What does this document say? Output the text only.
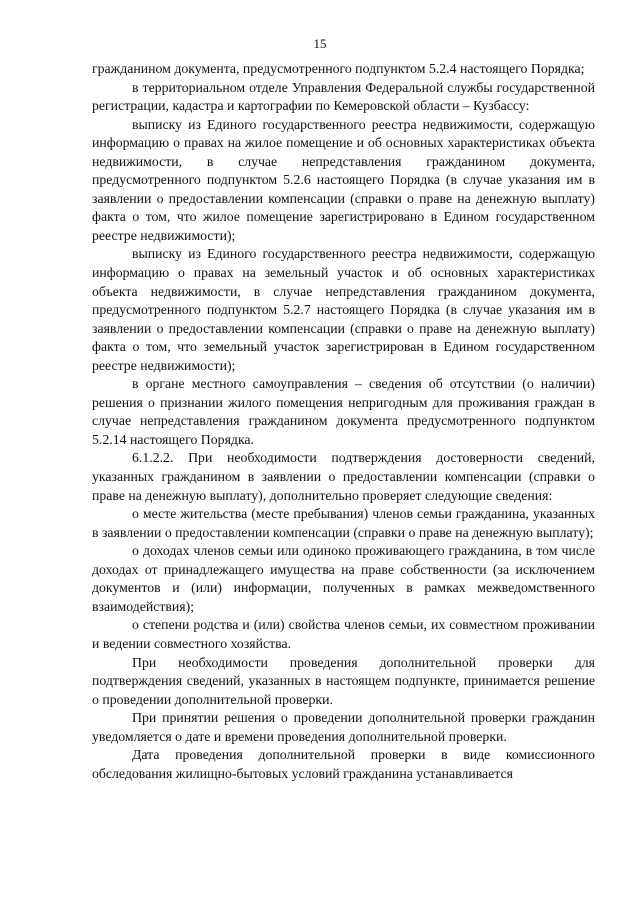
15

гражданином документа, предусмотренного подпунктом 5.2.4 настоящего Порядка;

в территориальном отделе Управления Федеральной службы государственной регистрации, кадастра и картографии по Кемеровской области – Кузбассу:

выписку из Единого государственного реестра недвижимости, содержащую информацию о правах на жилое помещение и об основных характеристиках объекта недвижимости, в случае непредставления гражданином документа, предусмотренного подпунктом 5.2.6 настоящего Порядка (в случае указания им в заявлении о предоставлении компенсации (справки о праве на денежную выплату) факта о том, что жилое помещение зарегистрировано в Едином государственном реестре недвижимости);

выписку из Единого государственного реестра недвижимости, содержащую информацию о правах на земельный участок и об основных характеристиках объекта недвижимости, в случае непредставления гражданином документа, предусмотренного подпунктом 5.2.7 настоящего Порядка (в случае указания им в заявлении о предоставлении компенсации (справки о праве на денежную выплату) факта о том, что земельный участок зарегистрирован в Едином государственном реестре недвижимости);

в органе местного самоуправления – сведения об отсутствии (о наличии) решения о признании жилого помещения непригодным для проживания граждан в случае непредставления гражданином документа предусмотренного подпунктом 5.2.14 настоящего Порядка.

6.1.2.2. При необходимости подтверждения достоверности сведений, указанных гражданином в заявлении о предоставлении компенсации (справки о праве на денежную выплату), дополнительно проверяет следующие сведения:

о месте жительства (месте пребывания) членов семьи гражданина, указанных в заявлении о предоставлении компенсации (справки о праве на денежную выплату);

о доходах членов семьи или одиноко проживающего гражданина, в том числе доходах от принадлежащего имущества на праве собственности (за исключением документов и (или) информации, полученных в рамках межведомственного взаимодействия);

о степени родства и (или) свойства членов семьи, их совместном проживании и ведении совместного хозяйства.

При необходимости проведения дополнительной проверки для подтверждения сведений, указанных в настоящем подпункте, принимается решение о проведении дополнительной проверки.

При принятии решения о проведении дополнительной проверки гражданин уведомляется о дате и времени проведения дополнительной проверки.

Дата проведения дополнительной проверки в виде комиссионного обследования жилищно-бытовых условий гражданина устанавливается
